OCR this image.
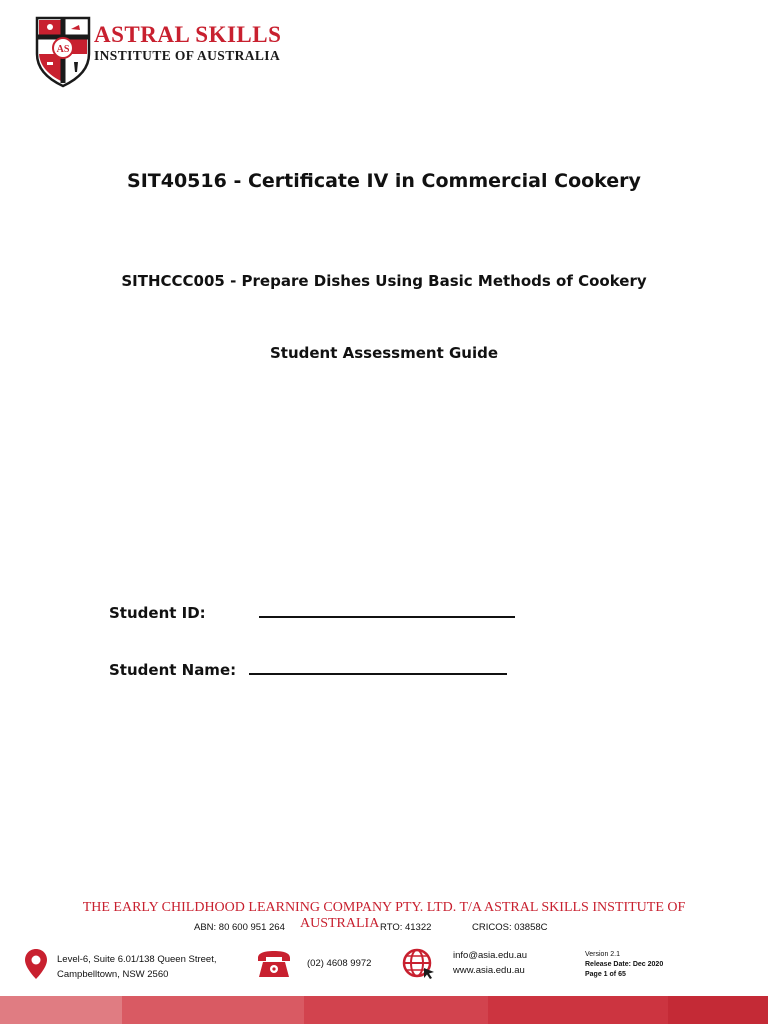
AS
ASTRAL SKILLS
INSTITUTE OF AUSTRALIA
SIT40516 - Certificate IV in Commercial Cookery
SITHCCC005 - Prepare Dishes Using Basic Methods of Cookery
Student Assessment Guide
Student ID:
Student Name:
THE EARLY CHILDHOOD LEARNING COMPANY PTY. LTD. T/A ASTRAL SKILLS INSTITUTE OF
AUSTRALIA
ABN: 80 600 951 264	RTO: 41322	CRICOS: 03858C
Level-6, Suite 6.01/138 Queen Street,
Campbelltown, NSW 2560
(02) 4608 9972
info@asia.edu.au
www.asia.edu.au
Version 2.1
Release Date: Dec 2020
Page 1 of 65
